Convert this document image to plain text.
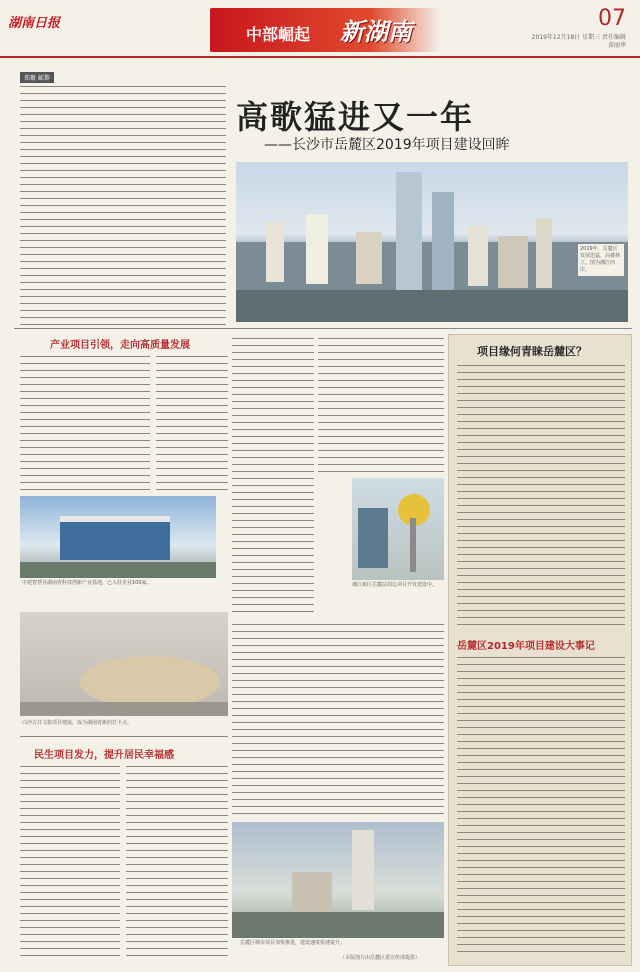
湖南日报
中部崛起 新湖南	07
2019年12月18日 星期三 责任编辑 黄丽华
郑聚 邮黎
高歌猛进又一年
——长沙市岳麓区2019年项目建设回眸
2019年，岳麓区发展迅猛，高楼林立。图为湘江西岸。
产业项目引领，走向高质量发展
中建智慧谷湖南省科技创新产业基地，已入驻企业100家。
白沙古井文旅项目建成，成为湖南省新的打卡点。
民生项目发力，提升居民幸福感
湘江新区岳麓站周边项目开发建设中。
岳麓区城市项目加快推进，建设速度快速提升。
项目缘何青睐岳麓区？
岳麓区2019年项目建设大事记
（本版图片由岳麓区委宣传部提供）
